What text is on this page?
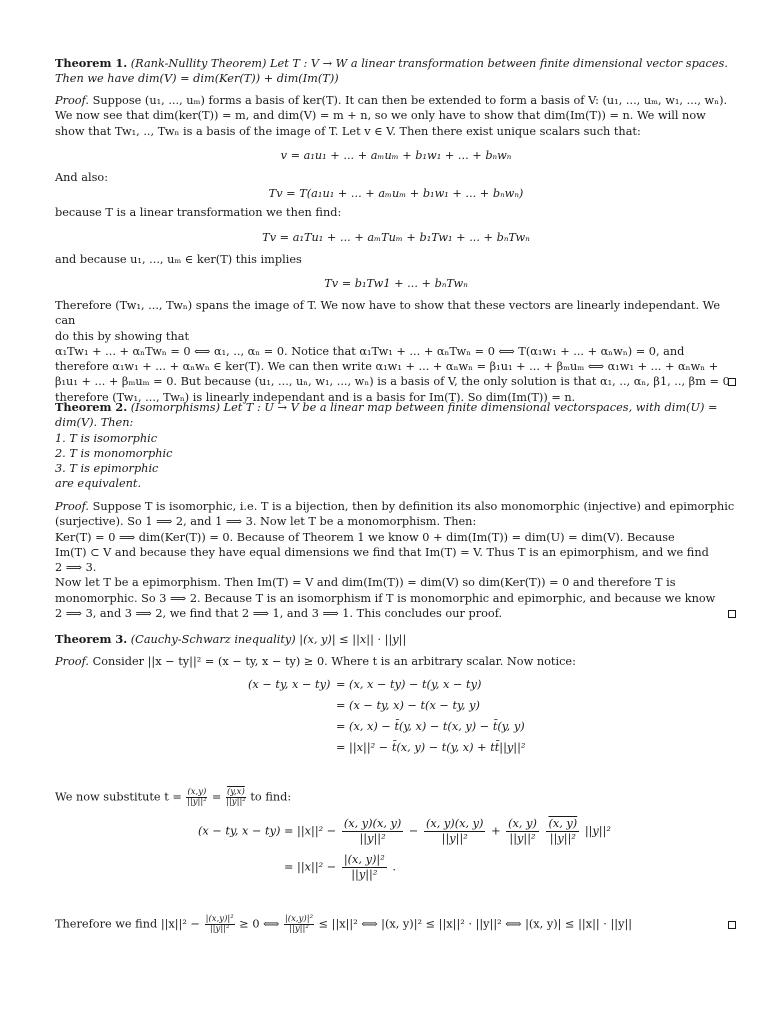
Theorem 1. (Rank-Nullity Theorem) Let T : V → W a linear transformation between finite dimensional vector spaces.
Then we have dim(V) = dim(Ker(T)) + dim(Im(T))
Proof. Suppose (u₁, ..., uₘ) forms a basis of ker(T). It can then be extended to form a basis of V: (u₁, ..., uₘ, w₁, ..., wₙ).
We now see that dim(ker(T)) = m, and dim(V) = m + n, so we only have to show that dim(Im(T)) = n. We will now
show that Tw₁, .., Twₙ is a basis of the image of T. Let v ∈ V. Then there exist unique scalars such that:
v = a₁u₁ + ... + aₘuₘ + b₁w₁ + ... + bₙwₙ
And also:
Tv = T(a₁u₁ + ... + aₘuₘ + b₁w₁ + ... + bₙwₙ)
because T is a linear transformation we then find:
Tv = a₁Tu₁ + ... + aₘTuₘ + b₁Tw₁ + ... + bₙTwₙ
and because u₁, ..., uₘ ∈ ker(T) this implies
Tv = b₁Tw1 + ... + bₙTwₙ
Therefore (Tw₁, ..., Twₙ) spans the image of T. We now have to show that these vectors are linearly independant. We can
do this by showing that
α₁Tw₁ + ... + αₙTwₙ = 0 ⟺ α₁, .., αₙ = 0. Notice that α₁Tw₁ + ... + αₙTwₙ = 0 ⟺ T(α₁w₁ + ... + αₙwₙ) = 0, and
therefore α₁w₁ + ... + αₙwₙ ∈ ker(T). We can then write α₁w₁ + ... + αₙwₙ = β₁u₁ + ... + βₘuₘ ⟺ α₁w₁ + ... + αₙwₙ +
β₁u₁ + ... + βₘuₘ = 0. But because (u₁, ..., uₙ, w₁, ..., wₙ) is a basis of V, the only solution is that α₁, .., αₙ, β1, .., βm = 0
therefore (Tw₁, ..., Twₙ) is linearly independant and is a basis for Im(T). So dim(Im(T)) = n.
Theorem 2. (Isomorphisms) Let T : U → V be a linear map between finite dimensional vectorspaces, with dim(U) =
dim(V). Then:
1. T is isomorphic
2. T is monomorphic
3. T is epimorphic
are equivalent.
Proof. Suppose T is isomorphic, i.e. T is a bijection, then by definition its also monomorphic (injective) and epimorphic
(surjective). So 1 ⟹ 2, and 1 ⟹ 3. Now let T be a monomorphism. Then:
Ker(T) = 0 ⟹ dim(Ker(T)) = 0. Because of Theorem 1 we know 0 + dim(Im(T)) = dim(U) = dim(V). Because
Im(T) ⊂ V and because they have equal dimensions we find that Im(T) = V. Thus T is an epimorphism, and we find
2 ⟹ 3.
Now let T be a epimorphism. Then Im(T) = V and dim(Im(T)) = dim(V) so dim(Ker(T)) = 0 and therefore T is
monomorphic. So 3 ⟹ 2. Because T is an isomorphism if T is monomorphic and epimorphic, and because we know
2 ⟹ 3, and 3 ⟹ 2, we find that 2 ⟹ 1, and 3 ⟹ 1. This concludes our proof.
Theorem 3. (Cauchy-Schwarz inequality) |(x, y)| ≤ ||x|| · ||y||
Proof. Consider ||x − ty||² = (x − ty, x − ty) ≥ 0. Where t is an arbitrary scalar. Now notice:
(x − ty, x − ty) = (x, x − ty) − t(y, x − ty)
= (x − ty, x) − t(x − ty, y)
= (x, x) − t̄(y, x) − t(x, y) − t̄(y, y)
= ||x||² − t̄(x, y) − t(y, x) + tt̄||y||²
We now substitute $t = \frac{(x,y)}{\text{||y||²}} = \frac{(y,x)}{\text{||y||²}}$ to find:
(x − ty, $x - ty) = ||x||^2 - \frac{(x, y)(x, y)}{\text{||y||²}} - \frac{(x, y)(x, y)}{\text{||y||²}} + \frac{(x, y)}{\text{||y||²}}$
$\frac{(x, y)}{\text{||y||²}} ||y||^2$
= $||x||^2 - \frac{\text{|(x, y)|²}}{\text{||y||²}}$ .
Therefore we find $||x||^2 - \frac{\text{|(x,y)|²}}{\text{||y||²}} \ge 0$ ⟺ $\frac{\text{|(x,y)|²}}{\text{||y||²}} \le ||x||^2$ ⟺ |(x, y)|² ≤ ||x||² · ||y||² ⟺ |(x, y)| ≤ ||x|| · ||y||
